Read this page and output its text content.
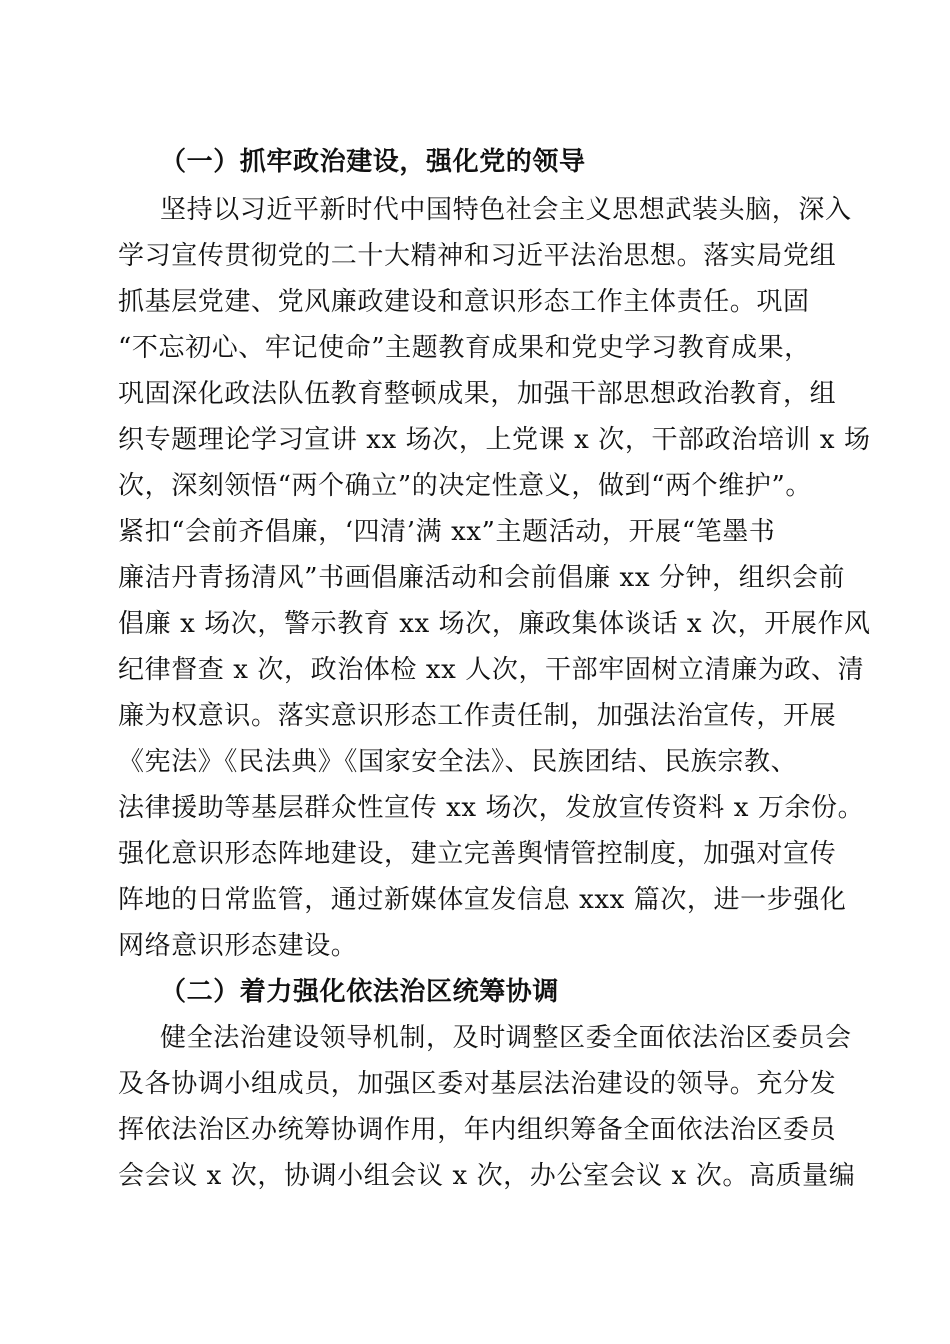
（一）抓牢政治建设，强化党的领导
坚持以习近平新时代中国特色社会主义思想武装头脑，深入
学习宣传贯彻党的二十大精神和习近平法治思想。落实局党组
抓基层党建、党风廉政建设和意识形态工作主体责任。巩固
“不忘初心、牢记使命”主题教育成果和党史学习教育成果，
巩固深化政法队伍教育整顿成果，加强干部思想政治教育，组
织专题理论学习宣讲 xx 场次，上党课 x 次，干部政治培训 x 场
次，深刻领悟“两个确立”的决定性意义，做到“两个维护”。
紧扣“会前齐倡廉，‘四清’满 xx”主题活动，开展“笔墨书
廉洁丹青扬清风”书画倡廉活动和会前倡廉 xx 分钟，组织会前
倡廉 x 场次，警示教育 xx 场次，廉政集体谈话 x 次，开展作风
纪律督查 x 次，政治体检 xx 人次，干部牢固树立清廉为政、清
廉为权意识。落实意识形态工作责任制，加强法治宣传，开展
《宪法》《民法典》《国家安全法》、民族团结、民族宗教、
法律援助等基层群众性宣传 xx 场次，发放宣传资料 x 万余份。
强化意识形态阵地建设，建立完善舆情管控制度，加强对宣传
阵地的日常监管，通过新媒体宣发信息 xxx 篇次，进一步强化
网络意识形态建设。
（二）着力强化依法治区统筹协调
健全法治建设领导机制，及时调整区委全面依法治区委员会
及各协调小组成员，加强区委对基层法治建设的领导。充分发
挥依法治区办统筹协调作用，年内组织筹备全面依法治区委员
会会议 x 次，协调小组会议 x 次，办公室会议 x 次。高质量编
